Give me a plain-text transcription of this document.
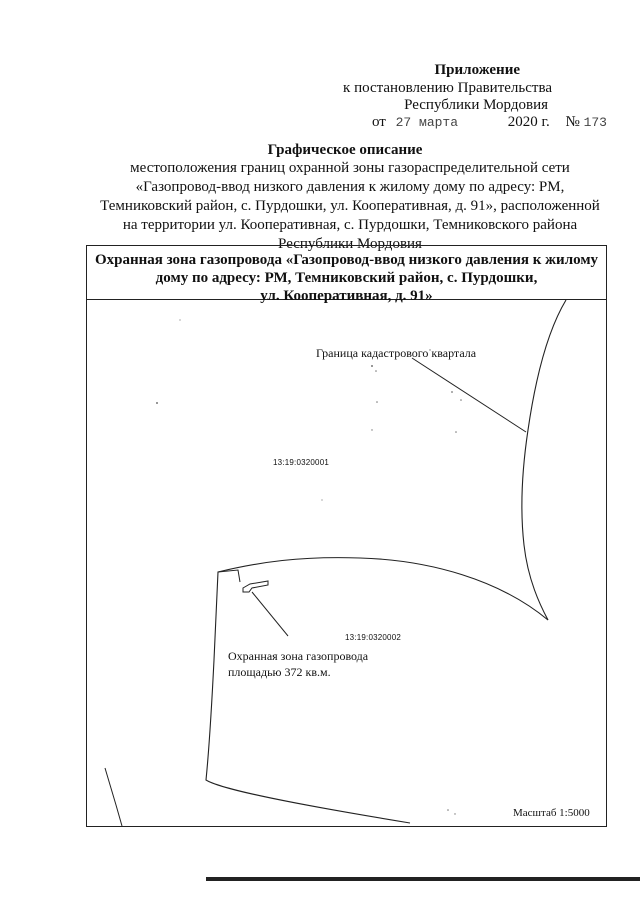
Приложение
к постановлению Правительства
Республики Мордовия
от 27 марта	2020 г. № 173
Графическое описание
местоположения границ охранной зоны газораспределительной сети
«Газопровод-ввод низкого давления к жилому дому по адресу: РМ,
Темниковский район, с. Пурдошки, ул. Кооперативная, д. 91», расположенной
на территории ул. Кооперативная, с. Пурдошки, Темниковского района
Республики Мордовия
Охранная зона газопровода «Газопровод-ввод низкого давления к жилому
дому по адресу: РМ, Темниковский район, с. Пурдошки,
ул. Кооперативная, д. 91»
Граница кадастрового квартала
13:19:0320001
13:19:0320002
Охранная зона газопровода
площадью 372 кв.м.
Масштаб 1:5000
